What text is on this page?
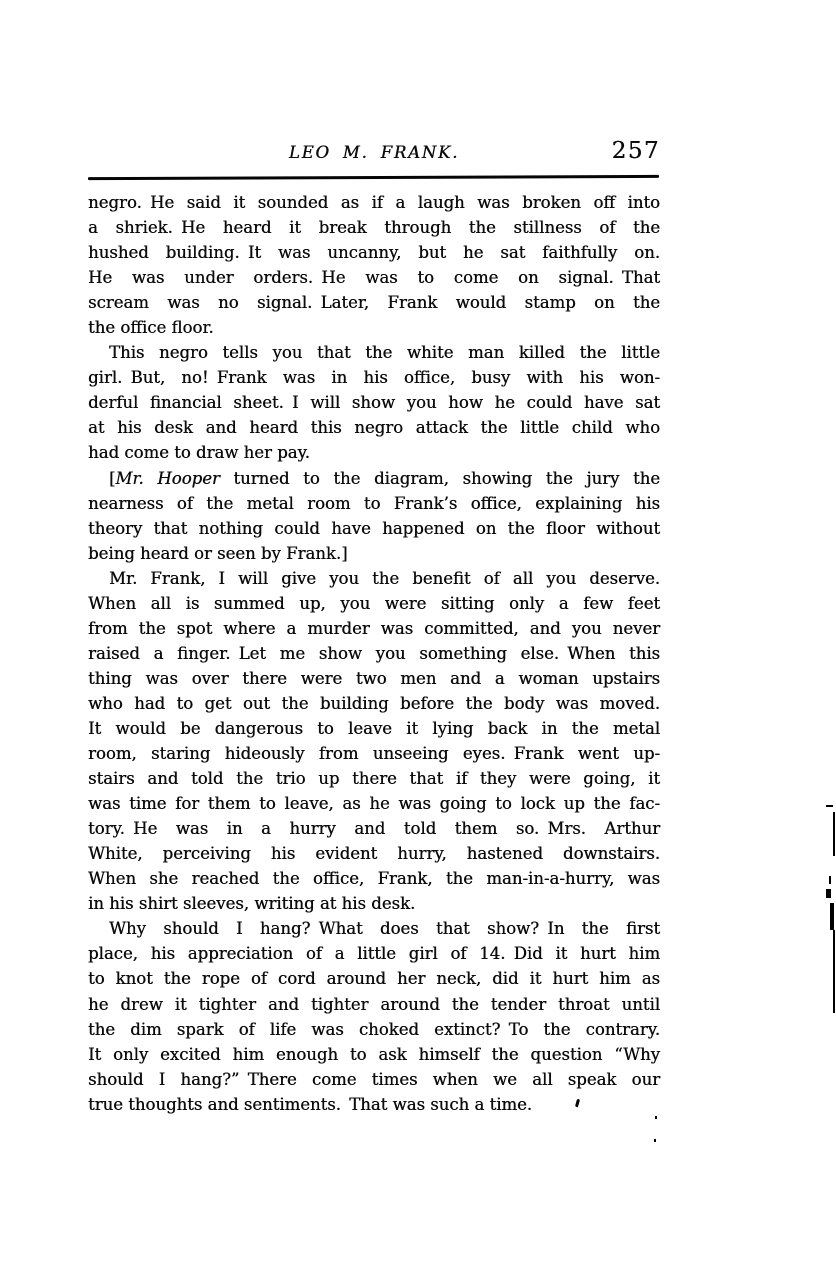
LEO M. FRANK.	257
negro. He said it sounded as if a laugh was broken off into
a shriek. He heard it break through the stillness of the
hushed building. It was uncanny, but he sat faithfully on.
He was under orders. He was to come on signal. That
scream was no signal. Later, Frank would stamp on the
the office floor.
This negro tells you that the white man killed the little
girl. But, no! Frank was in his office, busy with his won-
derful financial sheet. I will show you how he could have sat
at his desk and heard this negro attack the little child who
had come to draw her pay.
[Mr. Hooper turned to the diagram, showing the jury the
nearness of the metal room to Frank’s office, explaining his
theory that nothing could have happened on the floor without
being heard or seen by Frank.]
Mr. Frank, I will give you the benefit of all you deserve.
When all is summed up, you were sitting only a few feet
from the spot where a murder was committed, and you never
raised a finger. Let me show you something else. When this
thing was over there were two men and a woman upstairs
who had to get out the building before the body was moved.
It would be dangerous to leave it lying back in the metal
room, staring hideously from unseeing eyes. Frank went up-
stairs and told the trio up there that if they were going, it
was time for them to leave, as he was going to lock up the fac-
tory. He was in a hurry and told them so. Mrs. Arthur
White, perceiving his evident hurry, hastened downstairs.
When she reached the office, Frank, the man-in-a-hurry, was
in his shirt sleeves, writing at his desk.
Why should I hang? What does that show? In the first
place, his appreciation of a little girl of 14. Did it hurt him
to knot the rope of cord around her neck, did it hurt him as
he drew it tighter and tighter around the tender throat until
the dim spark of life was choked extinct? To the contrary.
It only excited him enough to ask himself the question “Why
should I hang?” There come times when we all speak our
true thoughts and sentiments. That was such a time.
